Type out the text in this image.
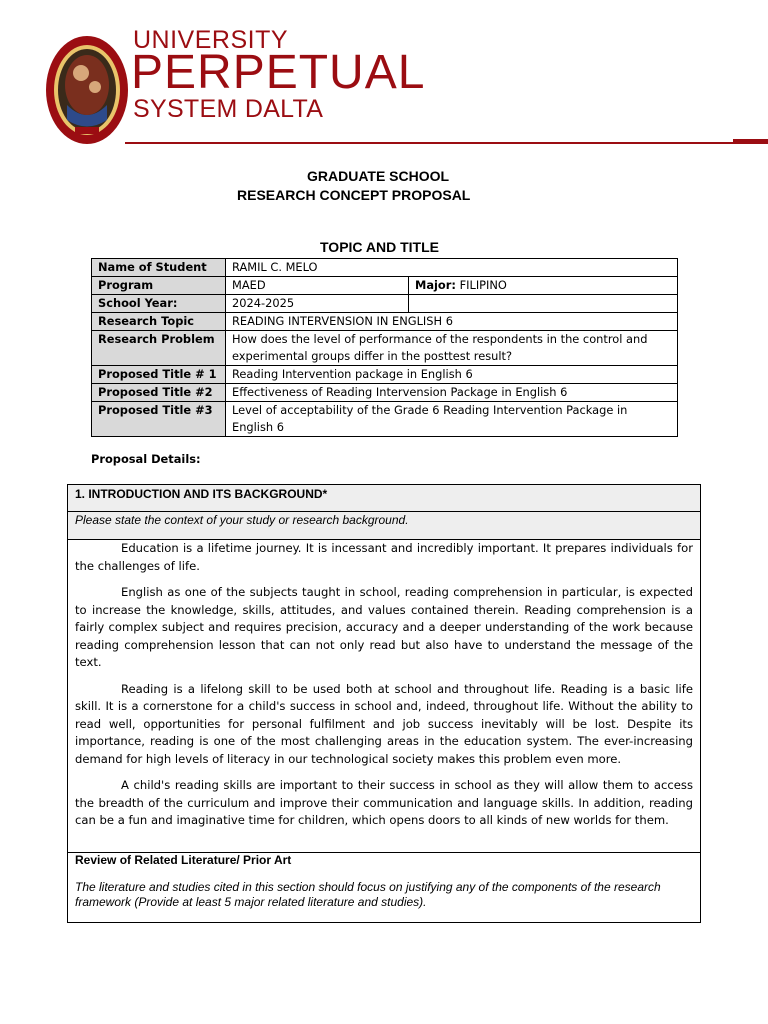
UNIVERSITY
PERPETUAL
SYSTEM DALTA
GRADUATE SCHOOL
RESEARCH CONCEPT PROPOSAL
TOPIC AND TITLE
Name of Student	RAMIL C. MELO	
Program	MAED	Major: FILIPINO
School Year:	2024-2025	
Research Topic	READING INTERVENSION IN ENGLISH 6	
Research Problem	How does the level of performance of the respondents in the control and experimental groups differ in the posttest result?	
Proposed Title # 1	Reading Intervention package in English 6	
Proposed Title #2	Effectiveness of Reading Intervension Package in English 6	
Proposed Title #3	Level of acceptability of the Grade 6 Reading Intervention Package in English 6	
Proposal Details:
1. INTRODUCTION AND ITS BACKGROUND*
Please state the context of your study or research background.

Education is a lifetime journey. It is incessant and incredibly important. It prepares individuals for the challenges of life.

English as one of the subjects taught in school, reading comprehension in particular, is expected to increase the knowledge, skills, attitudes, and values contained therein. Reading comprehension is a fairly complex subject and requires precision, accuracy and a deeper understanding of the work because reading comprehension lesson that can not only read but also have to understand the message of the text.

Reading is a lifelong skill to be used both at school and throughout life. Reading is a basic life skill. It is a cornerstone for a child's success in school and, indeed, throughout life. Without the ability to read well, opportunities for personal fulfilment and job success inevitably will be lost. Despite its importance, reading is one of the most challenging areas in the education system. The ever-increasing demand for high levels of literacy in our technological society makes this problem even more.

A child's reading skills are important to their success in school as they will allow them to access the breadth of the curriculum and improve their communication and language skills. In addition, reading can be a fun and imaginative time for children, which opens doors to all kinds of new worlds for them.

Review of Related Literature/ Prior Art
The literature and studies cited in this section should focus on justifying any of the components of the research framework (Provide at least 5 major related literature and studies).
